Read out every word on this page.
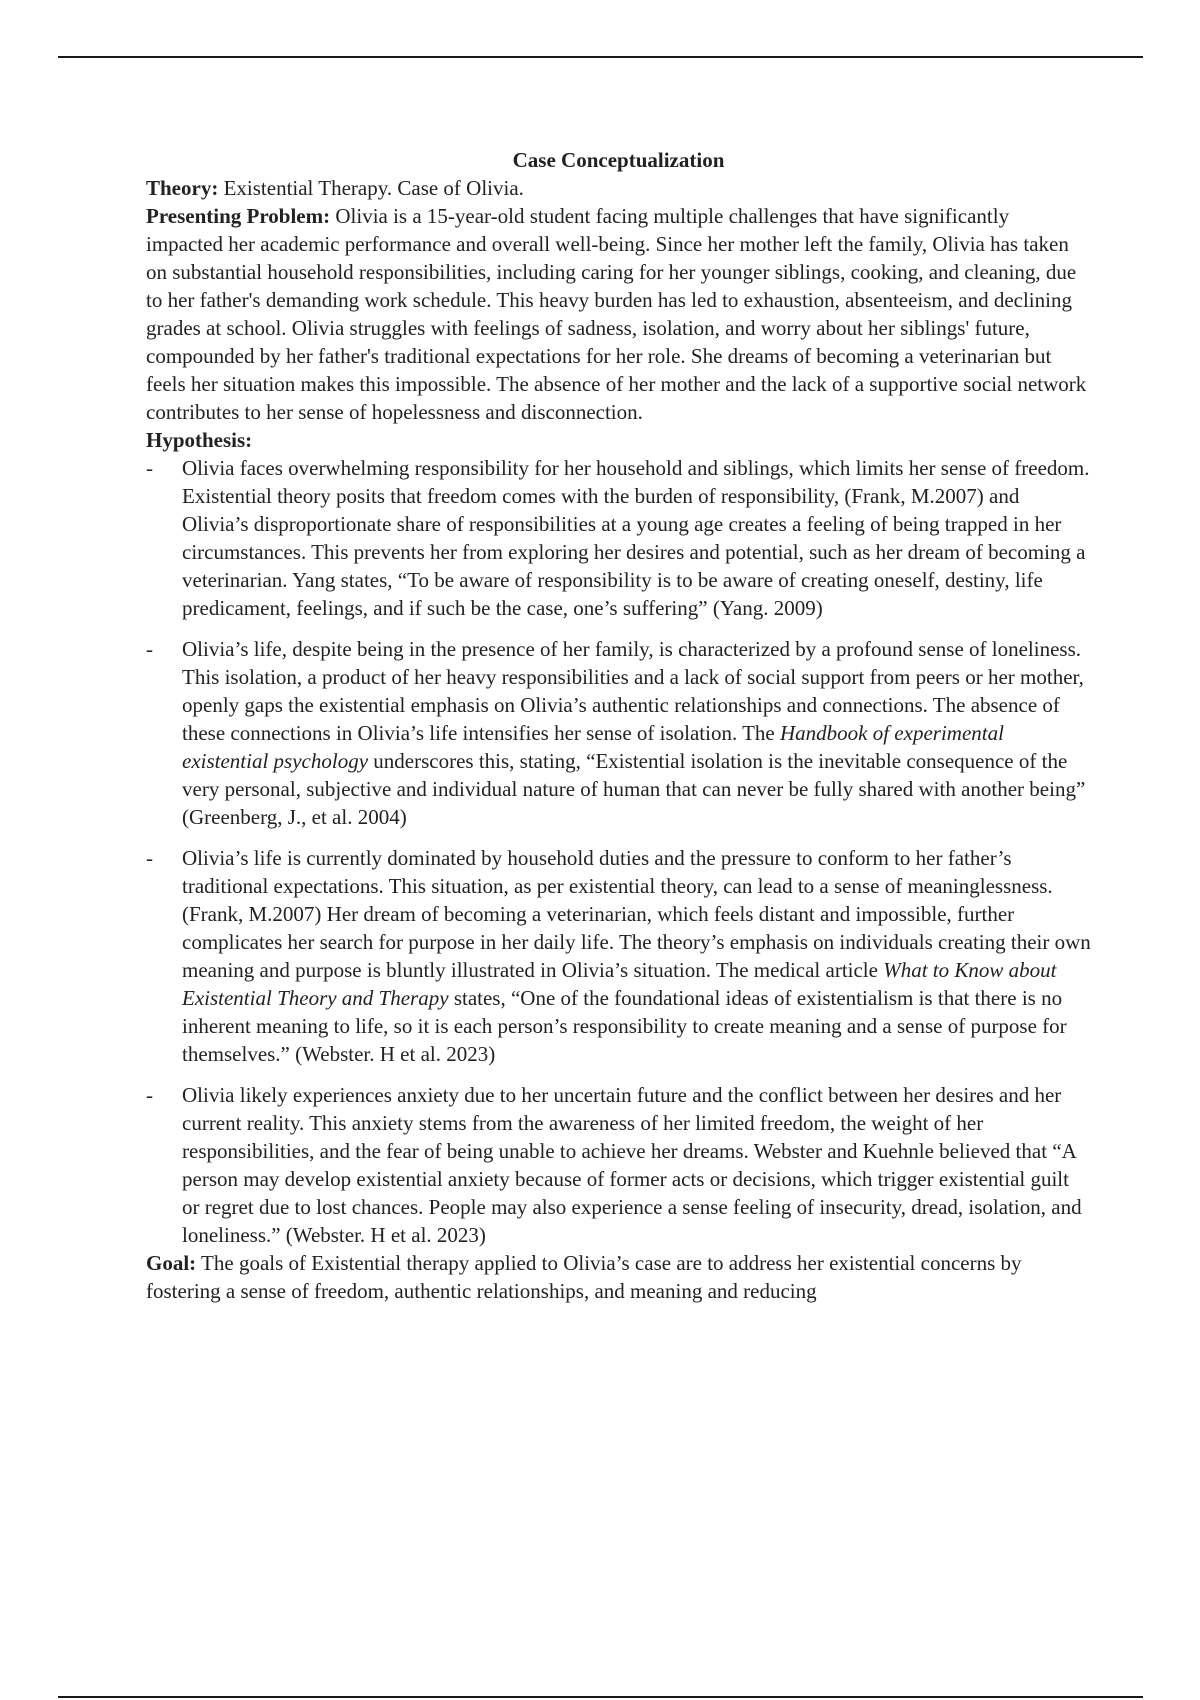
Case Conceptualization

Theory: Existential Therapy. Case of Olivia.

Presenting Problem: Olivia is a 15-year-old student facing multiple challenges that have significantly impacted her academic performance and overall well-being. Since her mother left the family, Olivia has taken on substantial household responsibilities, including caring for her younger siblings, cooking, and cleaning, due to her father's demanding work schedule. This heavy burden has led to exhaustion, absenteeism, and declining grades at school. Olivia struggles with feelings of sadness, isolation, and worry about her siblings' future, compounded by her father's traditional expectations for her role. She dreams of becoming a veterinarian but feels her situation makes this impossible. The absence of her mother and the lack of a supportive social network contributes to her sense of hopelessness and disconnection.

Hypothesis:

- Olivia faces overwhelming responsibility for her household and siblings, which limits her sense of freedom. Existential theory posits that freedom comes with the burden of responsibility, (Frank, M.2007) and Olivia’s disproportionate share of responsibilities at a young age creates a feeling of being trapped in her circumstances. This prevents her from exploring her desires and potential, such as her dream of becoming a veterinarian. Yang states, “To be aware of responsibility is to be aware of creating oneself, destiny, life predicament, feelings, and if such be the case, one’s suffering” (Yang. 2009)
- Olivia’s life, despite being in the presence of her family, is characterized by a profound sense of loneliness. This isolation, a product of her heavy responsibilities and a lack of social support from peers or her mother, openly gaps the existential emphasis on Olivia’s authentic relationships and connections. The absence of these connections in Olivia’s life intensifies her sense of isolation. The Handbook of experimental existential psychology underscores this, stating, “Existential isolation is the inevitable consequence of the very personal, subjective and individual nature of human that can never be fully shared with another being” (Greenberg, J., et al. 2004)
- Olivia’s life is currently dominated by household duties and the pressure to conform to her father’s traditional expectations. This situation, as per existential theory, can lead to a sense of meaninglessness. (Frank, M.2007) Her dream of becoming a veterinarian, which feels distant and impossible, further complicates her search for purpose in her daily life. The theory’s emphasis on individuals creating their own meaning and purpose is bluntly illustrated in Olivia’s situation. The medical article What to Know about Existential Theory and Therapy states, “One of the foundational ideas of existentialism is that there is no inherent meaning to life, so it is each person’s responsibility to create meaning and a sense of purpose for themselves.” (Webster. H et al. 2023)
- Olivia likely experiences anxiety due to her uncertain future and the conflict between her desires and her current reality. This anxiety stems from the awareness of her limited freedom, the weight of her responsibilities, and the fear of being unable to achieve her dreams. Webster and Kuehnle believed that “A person may develop existential anxiety because of former acts or decisions, which trigger existential guilt or regret due to lost chances. People may also experience a sense feeling of insecurity, dread, isolation, and loneliness.” (Webster. H et al. 2023)

Goal: The goals of Existential therapy applied to Olivia’s case are to address her existential concerns by fostering a sense of freedom, authentic relationships, and meaning and reducing
